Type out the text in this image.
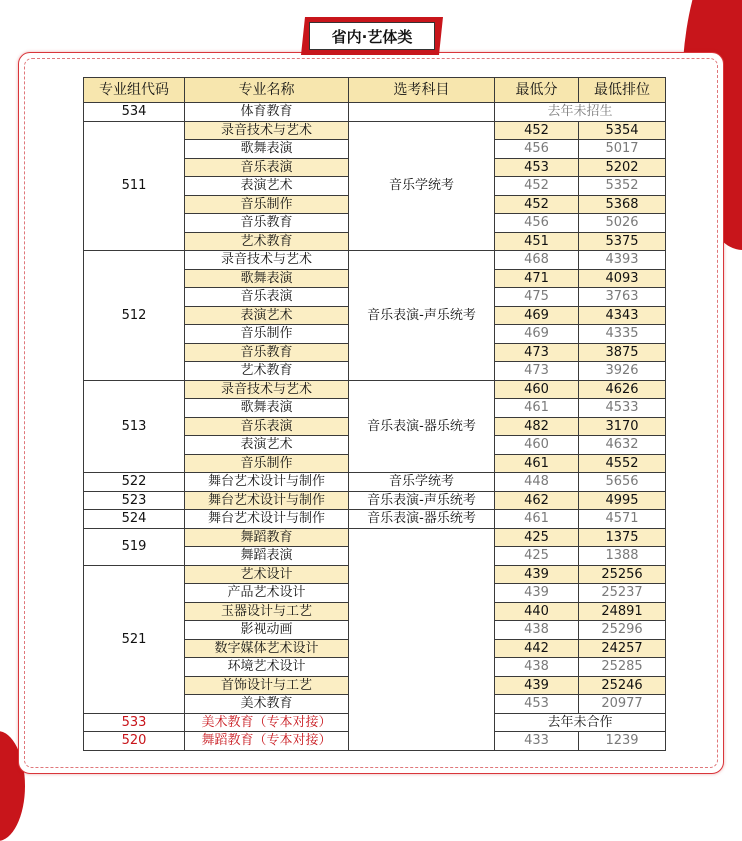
省内·艺体类
专业组代码	专业名称	选考科目	最低分	最低排位
534	体育教育		去年未招生	
511	录音技术与艺术	音乐学统考	452	5354
	歌舞表演		456	5017
	音乐表演		453	5202
	表演艺术		452	5352
	音乐制作		452	5368
	音乐教育		456	5026
	艺术教育		451	5375
512	录音技术与艺术	音乐表演-声乐统考	468	4393
	歌舞表演		471	4093
	音乐表演		475	3763
	表演艺术		469	4343
	音乐制作		469	4335
	音乐教育		473	3875
	艺术教育		473	3926
513	录音技术与艺术	音乐表演-器乐统考	460	4626
	歌舞表演		461	4533
	音乐表演		482	3170
	表演艺术		460	4632
	音乐制作		461	4552
522	舞台艺术设计与制作	音乐学统考	448	5656
523	舞台艺术设计与制作	音乐表演-声乐统考	462	4995
524	舞台艺术设计与制作	音乐表演-器乐统考	461	4571
519	舞蹈教育		425	1375
	舞蹈表演		425	1388
521	艺术设计		439	25256
	产品艺术设计		439	25237
	玉器设计与工艺		440	24891
	影视动画		438	25296
	数字媒体艺术设计		442	24257
	环境艺术设计		438	25285
	首饰设计与工艺		439	25246
	美术教育		453	20977
533	美术教育（专本对接）		去年未合作	
520	舞蹈教育（专本对接）		433	1239
